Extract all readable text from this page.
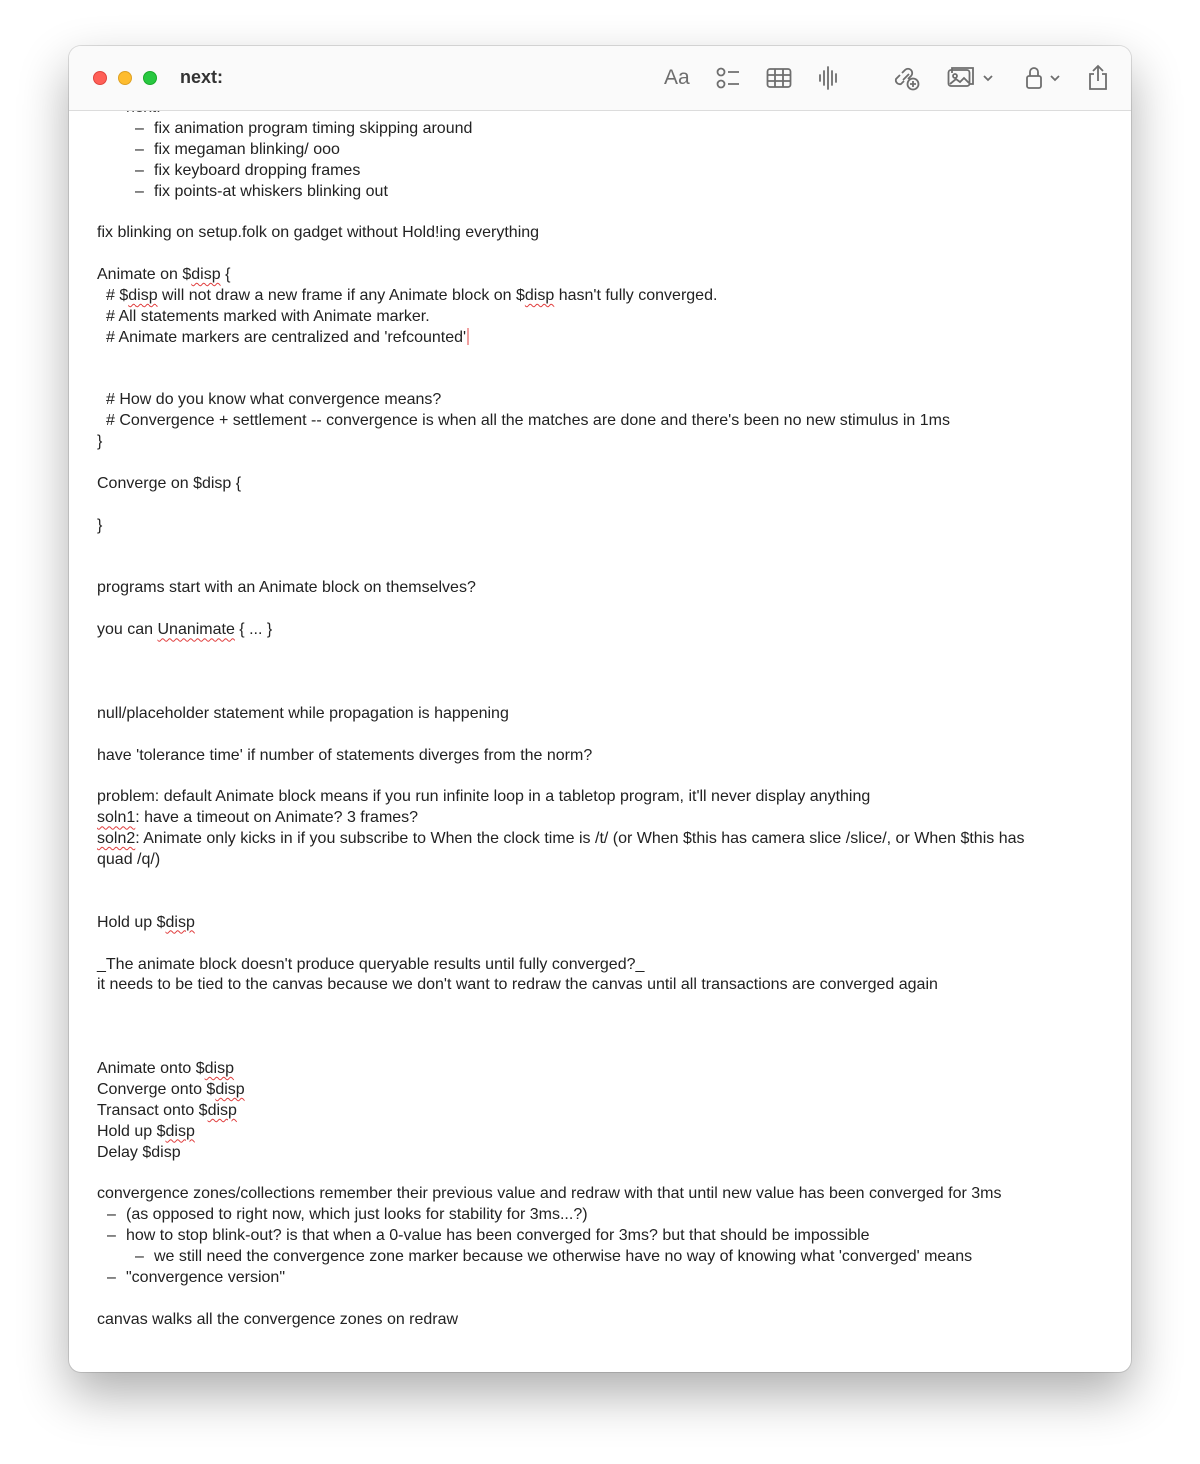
next:	Aa
– fix animation program timing skipping around
– fix megaman blinking/ ooo
– fix keyboard dropping frames
– fix points-at whiskers blinking out
fix blinking on setup.folk on gadget without Hold!ing everything
Animate on $disp {
# $disp will not draw a new frame if any Animate block on $disp hasn't fully converged.
# All statements marked with Animate marker.
# Animate markers are centralized and 'refcounted'
# How do you know what convergence means?
# Convergence + settlement -- convergence is when all the matches are done and there's been no new stimulus in 1ms
}
Converge on $disp {
}
programs start with an Animate block on themselves?
you can Unanimate { ... }
null/placeholder statement while propagation is happening
have 'tolerance time' if number of statements diverges from the norm?
problem: default Animate block means if you run infinite loop in a tabletop program, it'll never display anything
soln1: have a timeout on Animate? 3 frames?
soln2: Animate only kicks in if you subscribe to When the clock time is /t/ (or When $this has camera slice /slice/, or When $this has
quad /q/)
Hold up $disp
_The animate block doesn't produce queryable results until fully converged?_
it needs to be tied to the canvas because we don't want to redraw the canvas until all transactions are converged again
Animate onto $disp
Converge onto $disp
Transact onto $disp
Hold up $disp
Delay $disp
convergence zones/collections remember their previous value and redraw with that until new value has been converged for 3ms
– (as opposed to right now, which just looks for stability for 3ms...?)
– how to stop blink-out? is that when a 0-value has been converged for 3ms? but that should be impossible
– we still need the convergence zone marker because we otherwise have no way of knowing what 'converged' means
– "convergence version"
canvas walks all the convergence zones on redraw
